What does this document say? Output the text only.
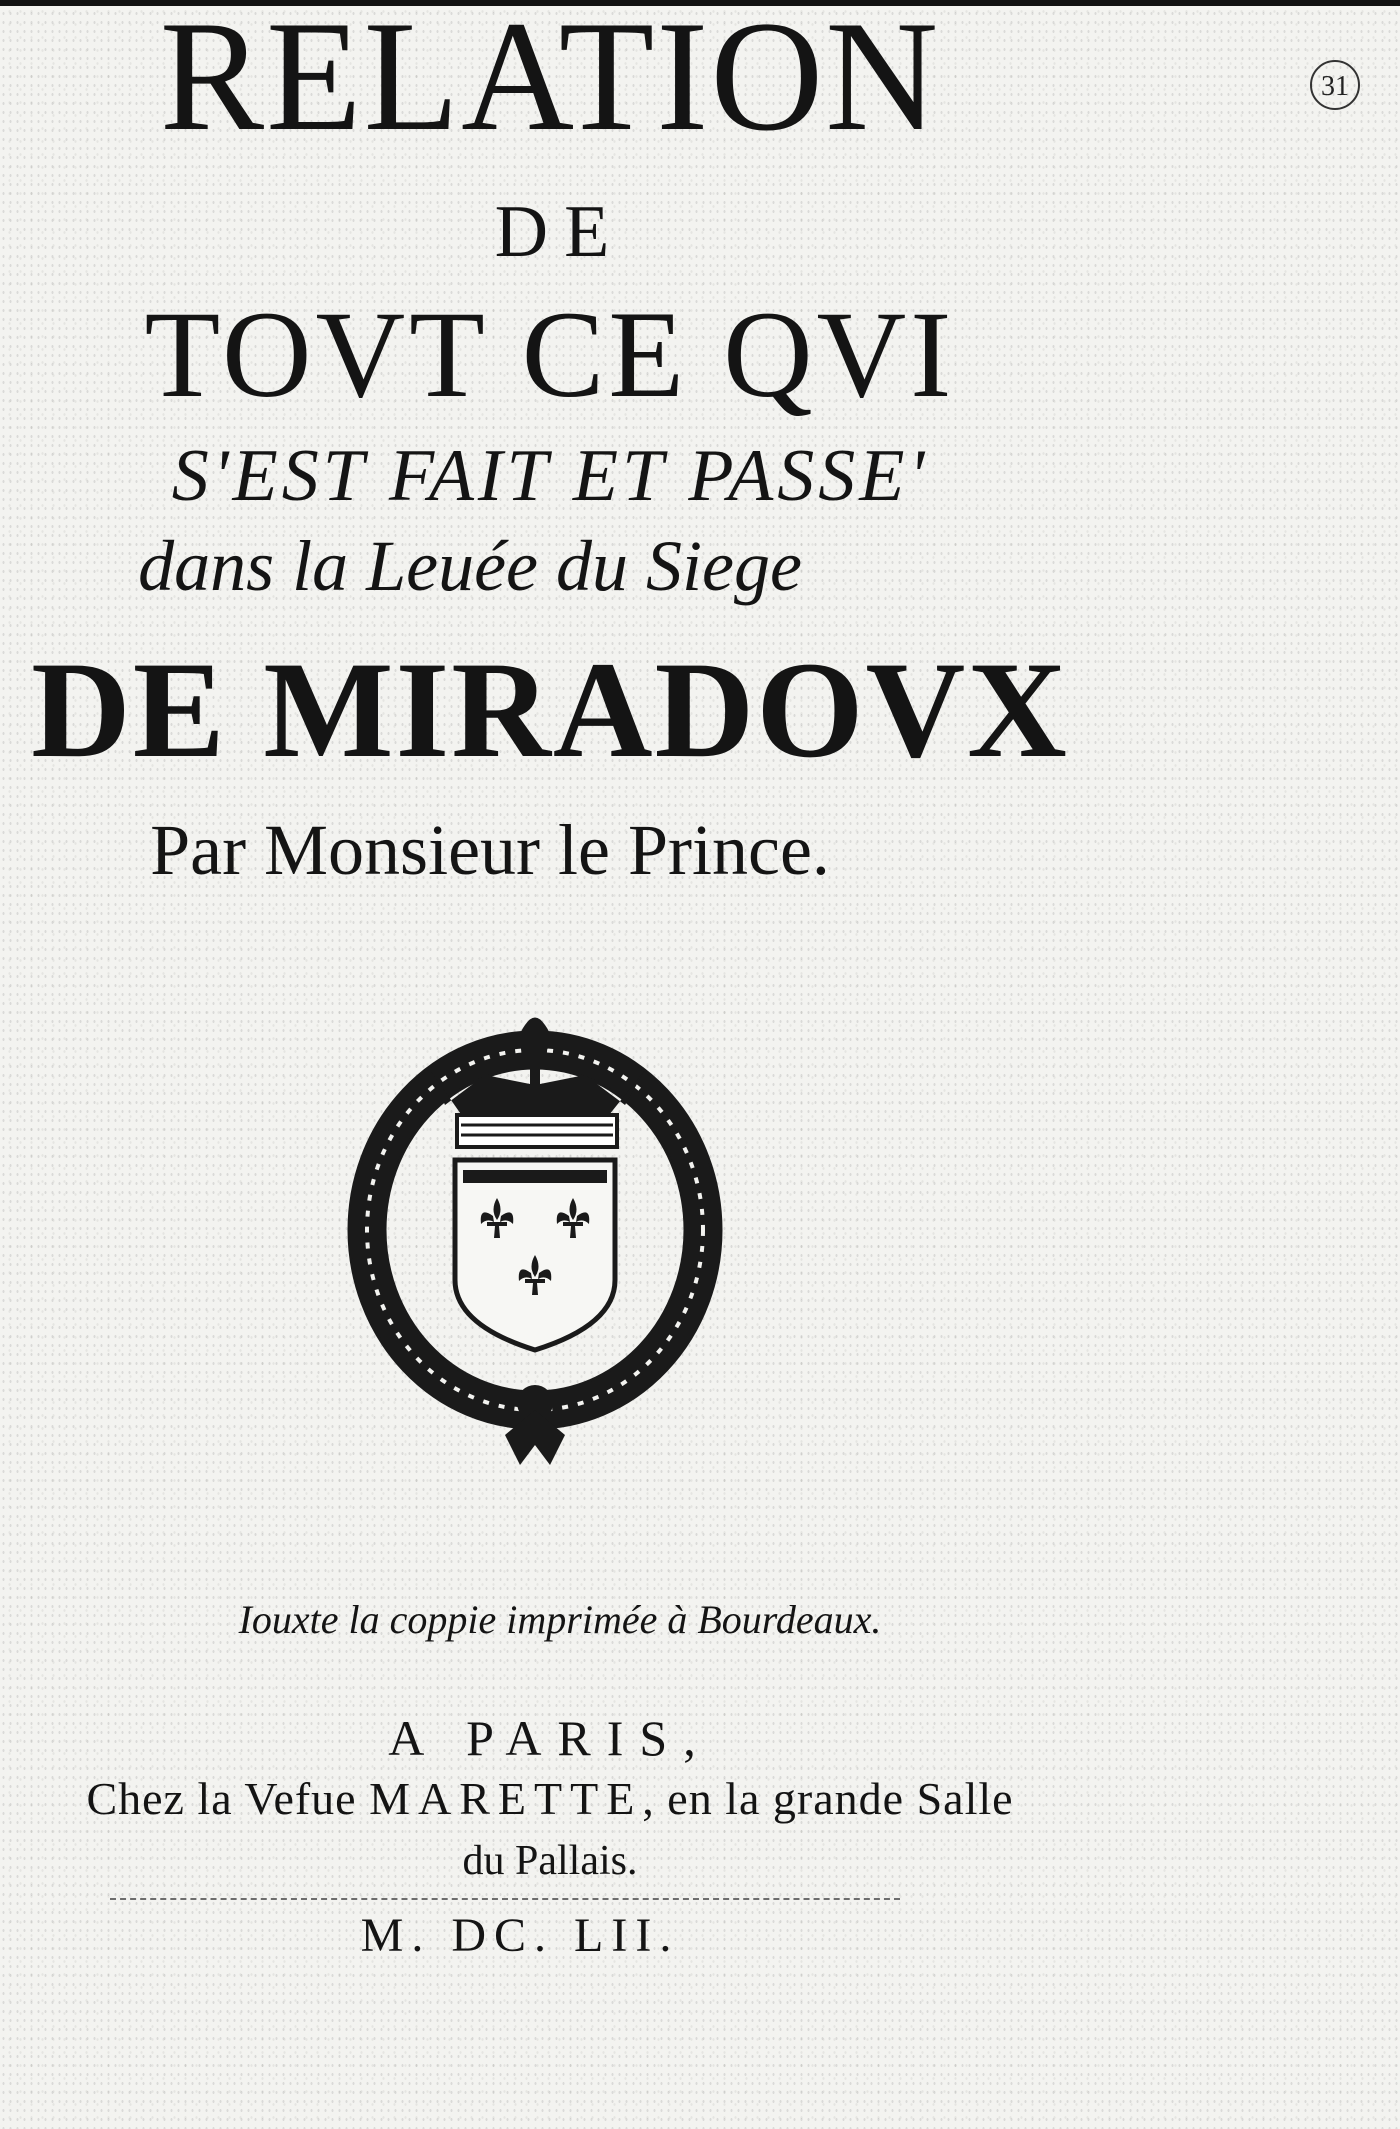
RELATION
DE
TOVT CE QVI
S'EST FAIT ET PASSE'
dans la Leuée du Siege
DE MIRADOVX
Par Monsieur le Prince.
Iouxte la coppie imprimée à Bourdeaux.
A PARIS,
Chez la Vefue MARETTE, en la grande Salle
du Pallais.
M. DC. LII.
31
